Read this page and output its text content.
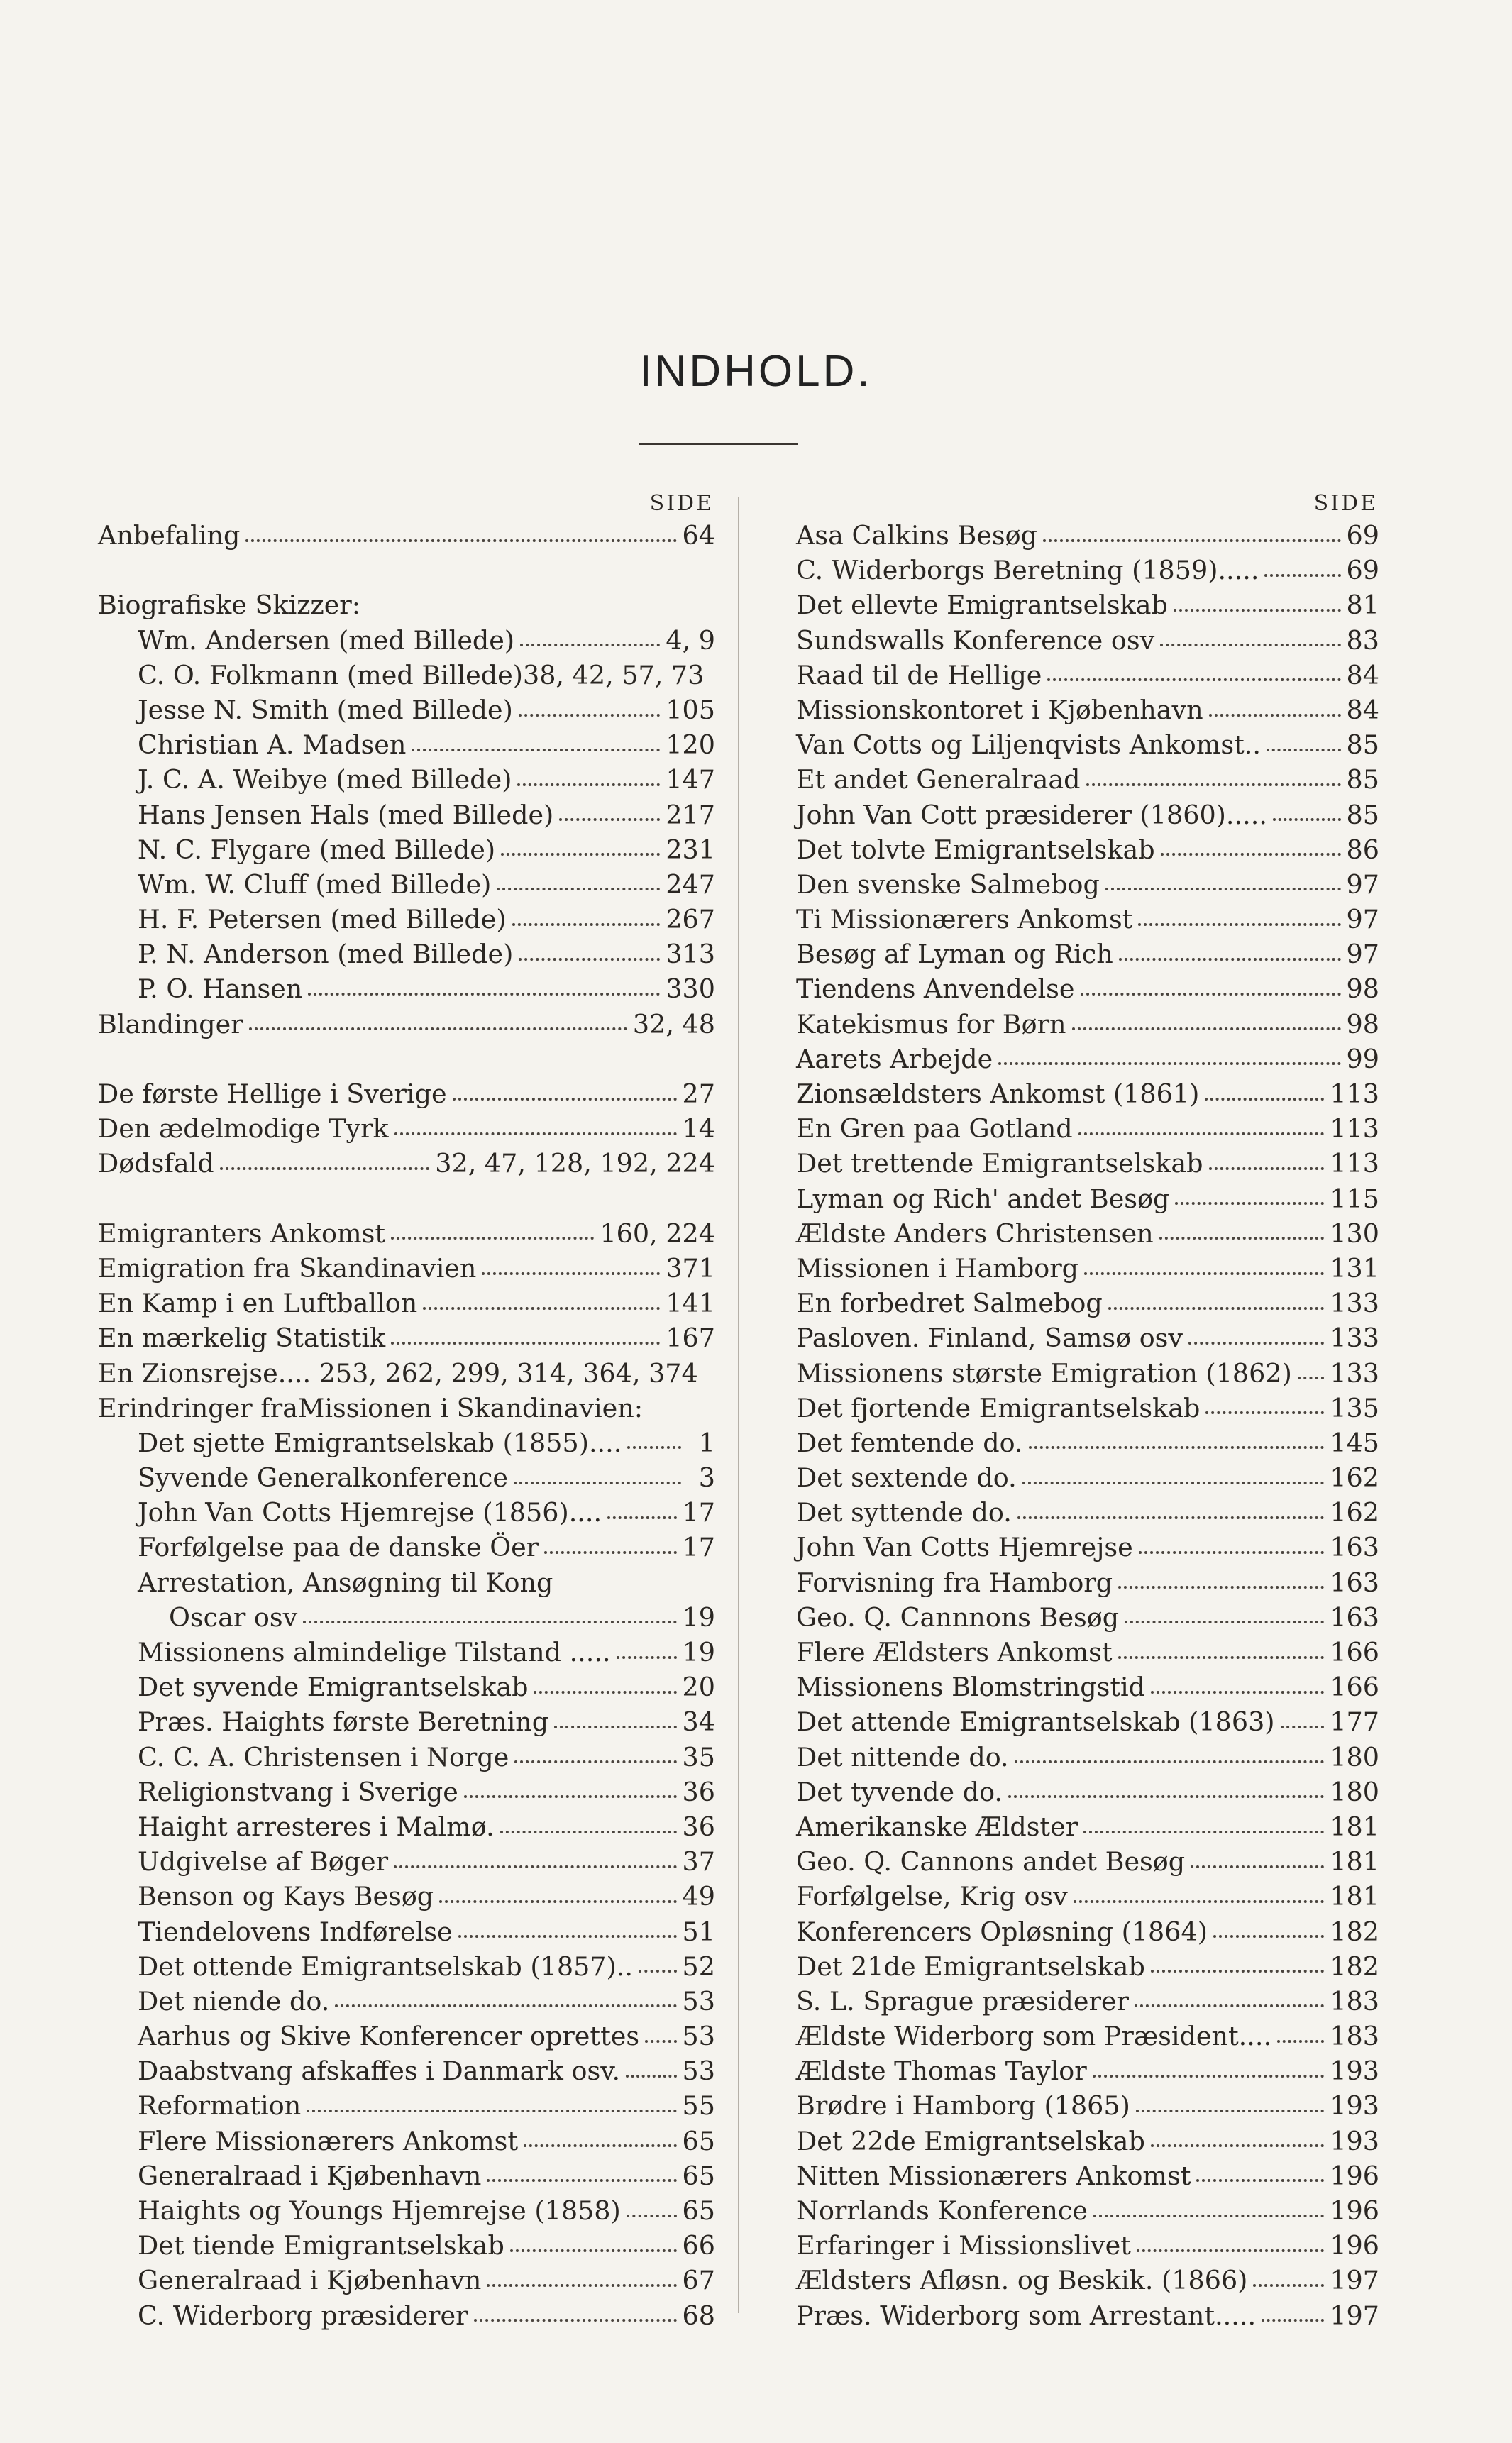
INDHOLD.
SIDE
Anbefaling	64
Biografiske Skizzer:
Wm. Andersen (med Billede)	4, 9
C. O. Folkmann (med Billede)38, 42, 57, 73
Jesse N. Smith (med Billede)	105
Christian A. Madsen	120
J. C. A. Weibye (med Billede)	147
Hans Jensen Hals (med Billede)	217
N. C. Flygare (med Billede)	231
Wm. W. Cluff (med Billede)	247
H. F. Petersen (med Billede)	267
P. N. Anderson (med Billede)	313
P. O. Hansen	330
Blandinger	32, 48
De første Hellige i Sverige	27
Den ædelmodige Tyrk	14
Dødsfald	32, 47, 128, 192, 224
Emigranters Ankomst	160, 224
Emigration fra Skandinavien	371
En Kamp i en Luftballon	141
En mærkelig Statistik	167
En Zionsrejse.... 253, 262, 299, 314, 364, 374
Erindringer fraMissionen i Skandinavien:
Det sjette Emigrantselskab (1855)....	1
Syvende Generalkonference	3
John Van Cotts Hjemrejse (1856)....	17
Forfølgelse paa de danske Öer	17
Arrestation, Ansøgning til Kong
Oscar osv	19
Missionens almindelige Tilstand .....	19
Det syvende Emigrantselskab	20
Præs. Haights første Beretning	34
C. C. A. Christensen i Norge	35
Religionstvang i Sverige	36
Haight arresteres i Malmø.	36
Udgivelse af Bøger	37
Benson og Kays Besøg	49
Tiendelovens Indførelse	51
Det ottende Emigrantselskab (1857).. 52
Det niende do.	53
Aarhus og Skive Konferencer oprettes 53
Daabstvang afskaffes i Danmark osv. 53
Reformation	55
Flere Missionærers Ankomst	65
Generalraad i Kjøbenhavn	65
Haights og Youngs Hjemrejse (1858) 65
Det tiende Emigrantselskab	66
Generalraad i Kjøbenhavn	67
C. Widerborg præsiderer	68
SIDE
Asa Calkins Besøg	69
C. Widerborgs Beretning (1859).....	69
Det ellevte Emigrantselskab	81
Sundswalls Konference osv	83
Raad til de Hellige	84
Missionskontoret i Kjøbenhavn	84
Van Cotts og Liljenqvists Ankomst..	85
Et andet Generalraad	85
John Van Cott præsiderer (1860).....	85
Det tolvte Emigrantselskab	86
Den svenske Salmebog	97
Ti Missionærers Ankomst	97
Besøg af Lyman og Rich	97
Tiendens Anvendelse	98
Katekismus for Børn	98
Aarets Arbejde	99
Zionsældsters Ankomst (1861)	113
En Gren paa Gotland	113
Det trettende Emigrantselskab	113
Lyman og Rich' andet Besøg	115
Ældste Anders Christensen	130
Missionen i Hamborg	131
En forbedret Salmebog	133
Pasloven. Finland, Samsø osv	133
Missionens største Emigration (1862) 133
Det fjortende Emigrantselskab	135
Det femtende do.	145
Det sextende do.	162
Det syttende do.	162
John Van Cotts Hjemrejse	163
Forvisning fra Hamborg	163
Geo. Q. Cannnons Besøg	163
Flere Ældsters Ankomst	166
Missionens Blomstringstid	166
Det attende Emigrantselskab (1863) 177
Det nittende do.	180
Det tyvende do.	180
Amerikanske Ældster	181
Geo. Q. Cannons andet Besøg	181
Forfølgelse, Krig osv	181
Konferencers Opløsning (1864)	182
Det 21de Emigrantselskab	182
S. L. Sprague præsiderer	183
Ældste Widerborg som Præsident.... 183
Ældste Thomas Taylor	193
Brødre i Hamborg (1865)	193
Det 22de Emigrantselskab	193
Nitten Missionærers Ankomst	196
Norrlands Konference	196
Erfaringer i Missionslivet	196
Ældsters Afløsn. og Beskik. (1866)	197
Præs. Widerborg som Arrestant.....	197
